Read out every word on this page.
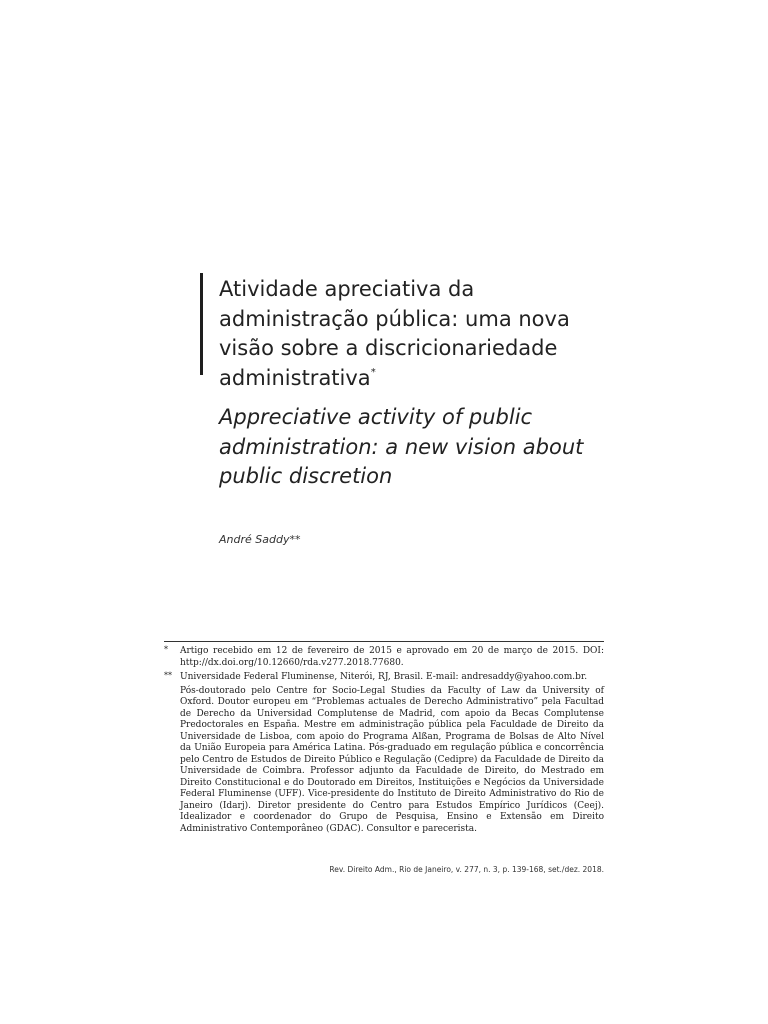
Atividade apreciativa da administração pública: uma nova visão sobre a discricionariedade administrativa*
Appreciative activity of public administration: a new vision about public discretion
André Saddy**
* Artigo recebido em 12 de fevereiro de 2015 e aprovado em 20 de março de 2015. DOI: http://dx.doi.org/10.12660/rda.v277.2018.77680.

** Universidade Federal Fluminense, Niterói, RJ, Brasil. E-mail: andresaddy@yahoo.com.br.

Pós-doutorado pelo Centre for Socio-Legal Studies da Faculty of Law da University of Oxford. Doutor europeu em “Problemas actuales de Derecho Administrativo” pela Facultad de Derecho da Universidad Complutense de Madrid, com apoio da Becas Complutense Predoctorales en España. Mestre em administração pública pela Faculdade de Direito da Universidade de Lisboa, com apoio do Programa Alßan, Programa de Bolsas de Alto Nível da União Europeia para América Latina. Pós-graduado em regulação pública e concorrência pelo Centro de Estudos de Direito Público e Regulação (Cedipre) da Faculdade de Direito da Universidade de Coimbra. Professor adjunto da Faculdade de Direito, do Mestrado em Direito Constitucional e do Doutorado em Direitos, Instituições e Negócios da Universidade Federal Fluminense (UFF). Vice-presidente do Instituto de Direito Administrativo do Rio de Janeiro (Idarj). Diretor presidente do Centro para Estudos Empírico Jurídicos (Ceej). Idealizador e coordenador do Grupo de Pesquisa, Ensino e Extensão em Direito Administrativo Contemporâneo (GDAC). Consultor e parecerista.

Rev. Direito Adm., Rio de Janeiro, v. 277, n. 3, p. 139-168, set./dez. 2018.
